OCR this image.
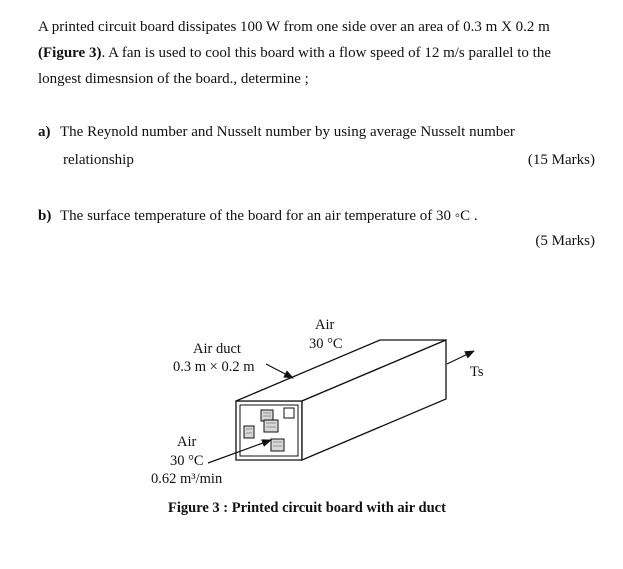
A printed circuit board dissipates 100 W from one side over an area of 0.3 m X 0.2 m
(Figure 3). A fan is used to cool this board with a flow speed of 12 m/s parallel to the
longest dimesnsion of the board., determine ;
a) The Reynold number and Nusselt number by using average Nusselt number
relationship	(15 Marks)
b) The surface temperature of the board for an air temperature of 30 ◦C .
(5 Marks)
Air
30 °C
Air duct
0.3 m × 0.2 m	Ts
Air
30 °C
0.62 m³/min
Figure 3 : Printed circuit board with air duct
